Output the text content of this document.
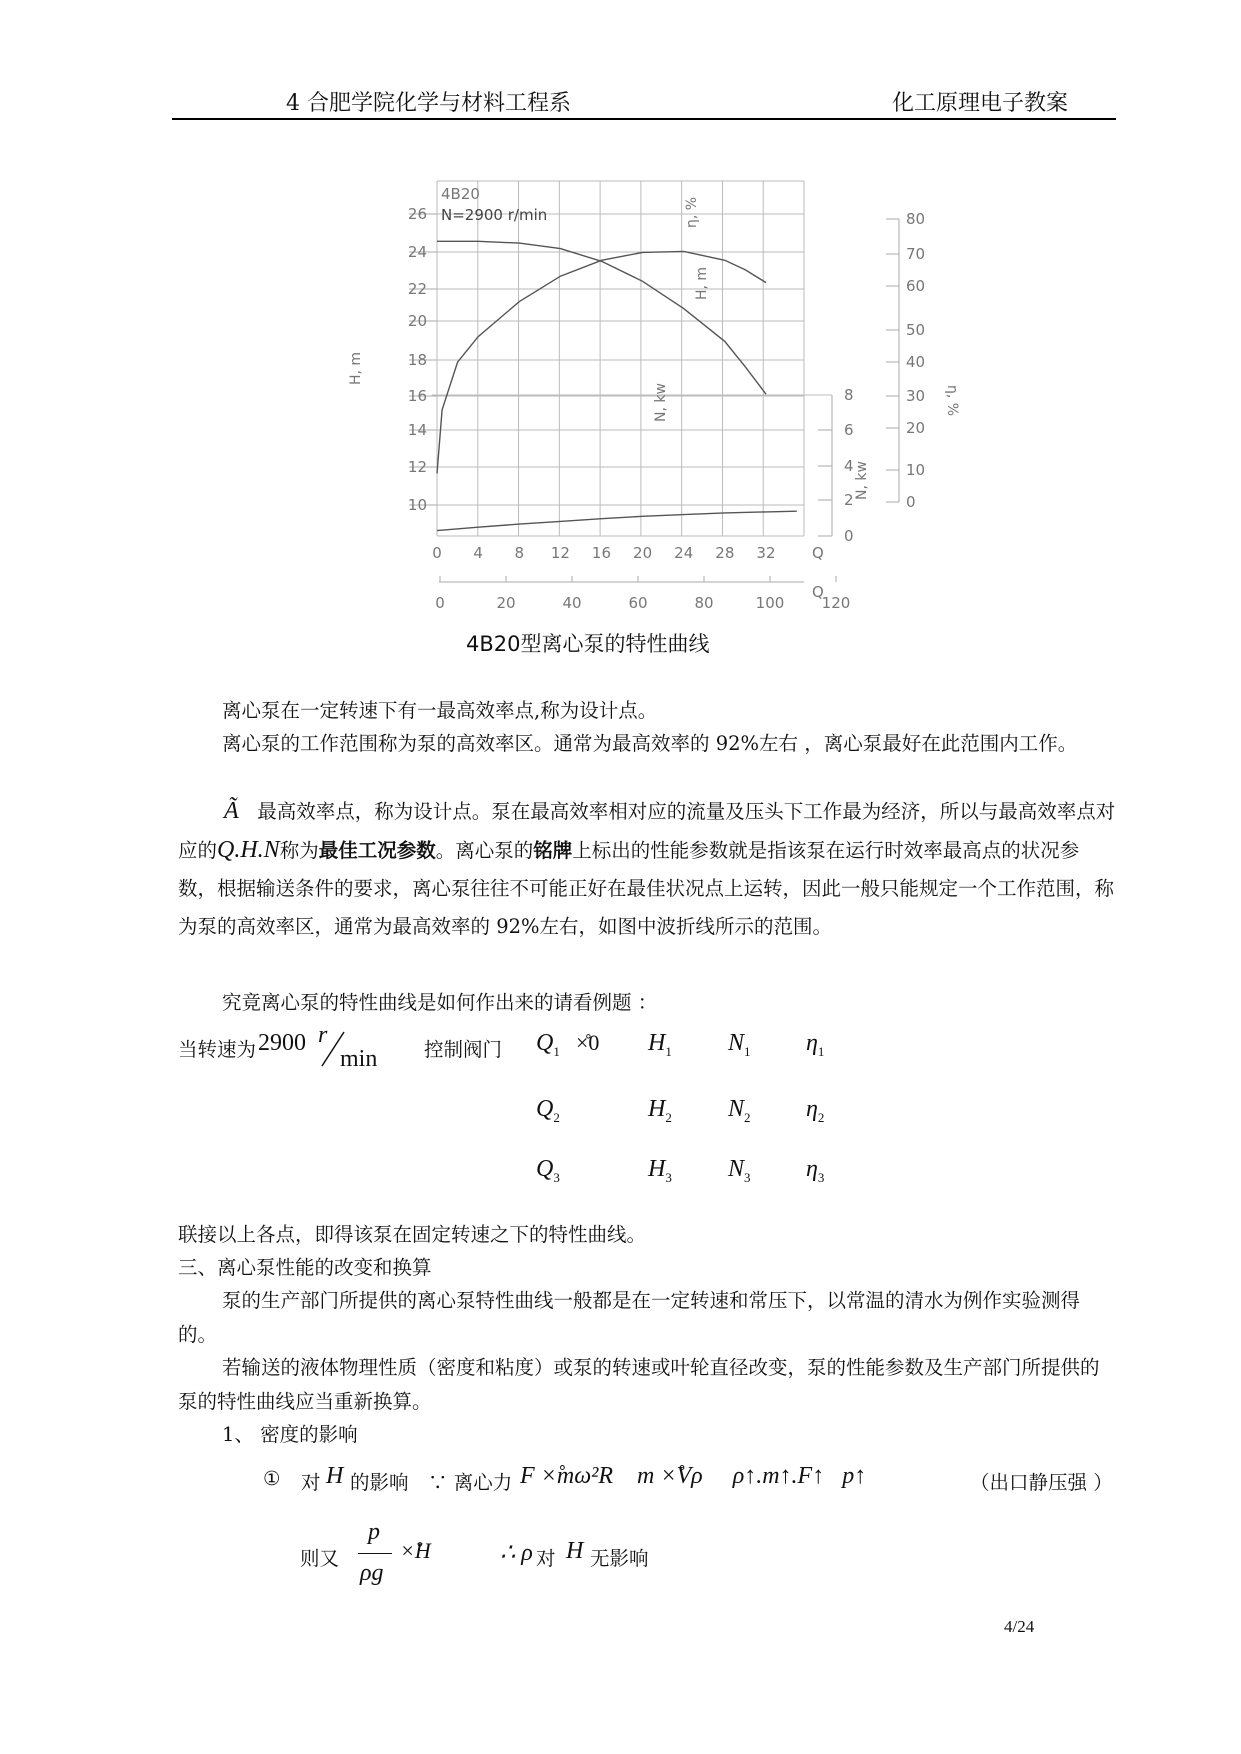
4 合肥学院化学与材料工程系	化工原理电子教案
26
24
22
20
18
16
14
12
10
80
70
60
50
40
30
20
10
0
8
6
4
2
0
0 4 8 12 16 20 24 28 32
0	20	40	60	80	100 120
4B20
N=2900 r/min
H, m
η, %
N, kw
Q
Q
η, %
H, m
N, kw
4B20型离心泵的特性曲线

离心泵在一定转速下有一最高效率点,称为设计点。

离心泵的工作范围称为泵的高效率区。通常为最高效率的 92%左右 ，离心泵最好在此范围内工作。

Ã 最高效率点，称为设计点。泵在最高效率相对应的流量及压头下工作最为经济，所以与最高效率点对应的Q.H.N称为最佳工况参数。离心泵的铭牌上标出的性能参数就是指该泵在运行时效率最高点的状况参数，根据输送条件的要求，离心泵往往不可能正好在最佳状况点上运转，因此一般只能规定一个工作范围，称为泵的高效率区，通常为最高效率的 92%左右，如图中波折线所示的范围。

究竟离心泵的特性曲线是如何作出来的请看例题 ：

当转速为 2900 r
min 控制阀门	×̊0
$Q_1$	$H_1$ $N_1$ $\eta_1$
$Q_2$	$H_2$ $N_2$ $\eta_2$
$Q_3$	$H_3$ $N_3$ $\eta_3$

联接以上各点，即得该泵在固定转速之下的特性曲线。

三、离心泵性能的改变和换算

泵的生产部门所提供的离心泵特性曲线一般都是在一定转速和常压下，以常温的清水为例作实验测得的。

若输送的液体物理性质（密度和粘度）或泵的转速或叶轮直径改变，泵的性能参数及生产部门所提供的泵的特性曲线应当重新换算。

1、 密度的影响

① 对 H 的影响 ∵ 离心力 F ×̊mω²R    m ×̊Vρ     ρ↑.m↑.F↑   p↑	（出口静压强 ）
则又
p
ρg
×̊H	∴ ρ 对 H 无影响
4/24
